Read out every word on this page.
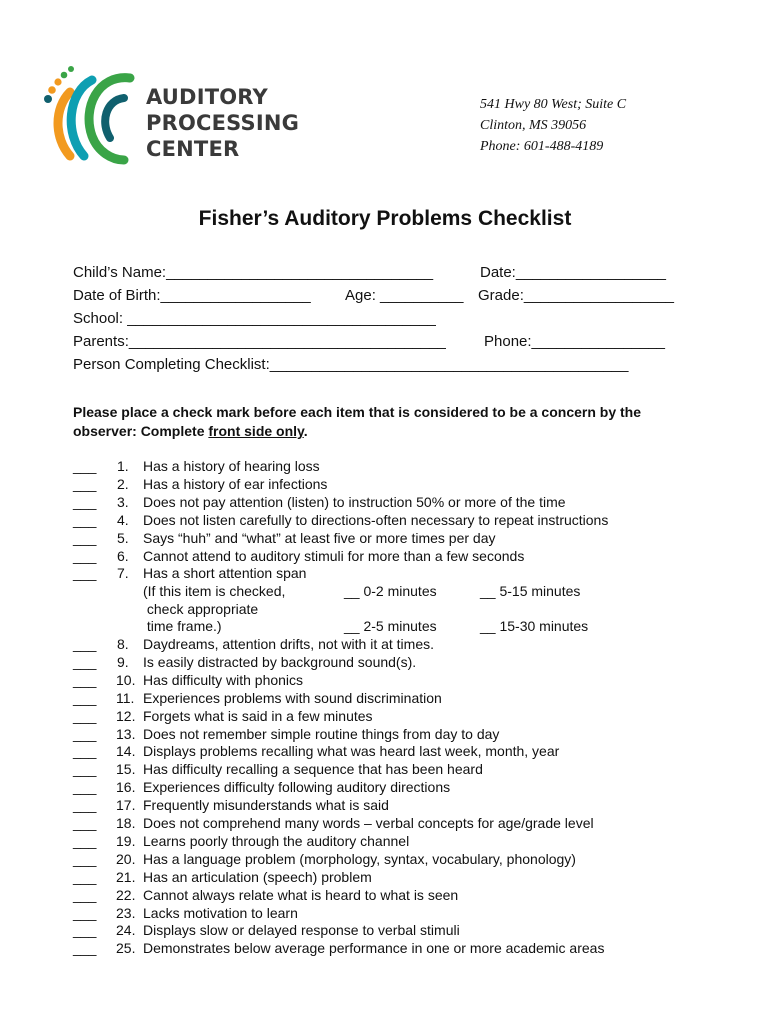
AUDITORY
PROCESSING
CENTER
541 Hwy 80 West; Suite C
Clinton, MS 39056
Phone: 601-488-4189
Fisher’s Auditory Problems Checklist
Child’s Name:________________________________	Date:__________________
Date of Birth:__________________ Age: __________ Grade:__________________
School: _____________________________________
Parents:______________________________________	Phone:________________
Person Completing Checklist:___________________________________________
Please place a check mark before each item that is considered to be a concern by the observer: Complete front side only.
___ 1. Has a history of hearing loss
___ 2. Has a history of ear infections
___ 3. Does not pay attention (listen) to instruction 50% or more of the time
___ 4. Does not listen carefully to directions-often necessary to repeat instructions
___ 5. Says “huh” and “what” at least five or more times per day
___ 6. Cannot attend to auditory stimuli for more than a few seconds
___ 7. Has a short attention span
___ 8. Daydreams, attention drifts, not with it at times.
___ 9. Is easily distracted by background sound(s).
___ 10. Has difficulty with phonics
___ 11. Experiences problems with sound discrimination
___ 12. Forgets what is said in a few minutes
___ 13. Does not remember simple routine things from day to day
___ 14. Displays problems recalling what was heard last week, month, year
___ 15. Has difficulty recalling a sequence that has been heard
___ 16. Experiences difficulty following auditory directions
___ 17. Frequently misunderstands what is said
___ 18. Does not comprehend many words – verbal concepts for age/grade level
___ 19. Learns poorly through the auditory channel
___ 20. Has a language problem (morphology, syntax, vocabulary, phonology)
___ 21. Has an articulation (speech) problem
___ 22. Cannot always relate what is heard to what is seen
___ 23. Lacks motivation to learn
___ 24. Displays slow or delayed response to verbal stimuli
___ 25. Demonstrates below average performance in one or more academic areas
(If this item is checked,
check appropriate
time frame.)
__ 0-2 minutes	__ 5-15 minutes
__ 2-5 minutes	__ 15-30 minutes
